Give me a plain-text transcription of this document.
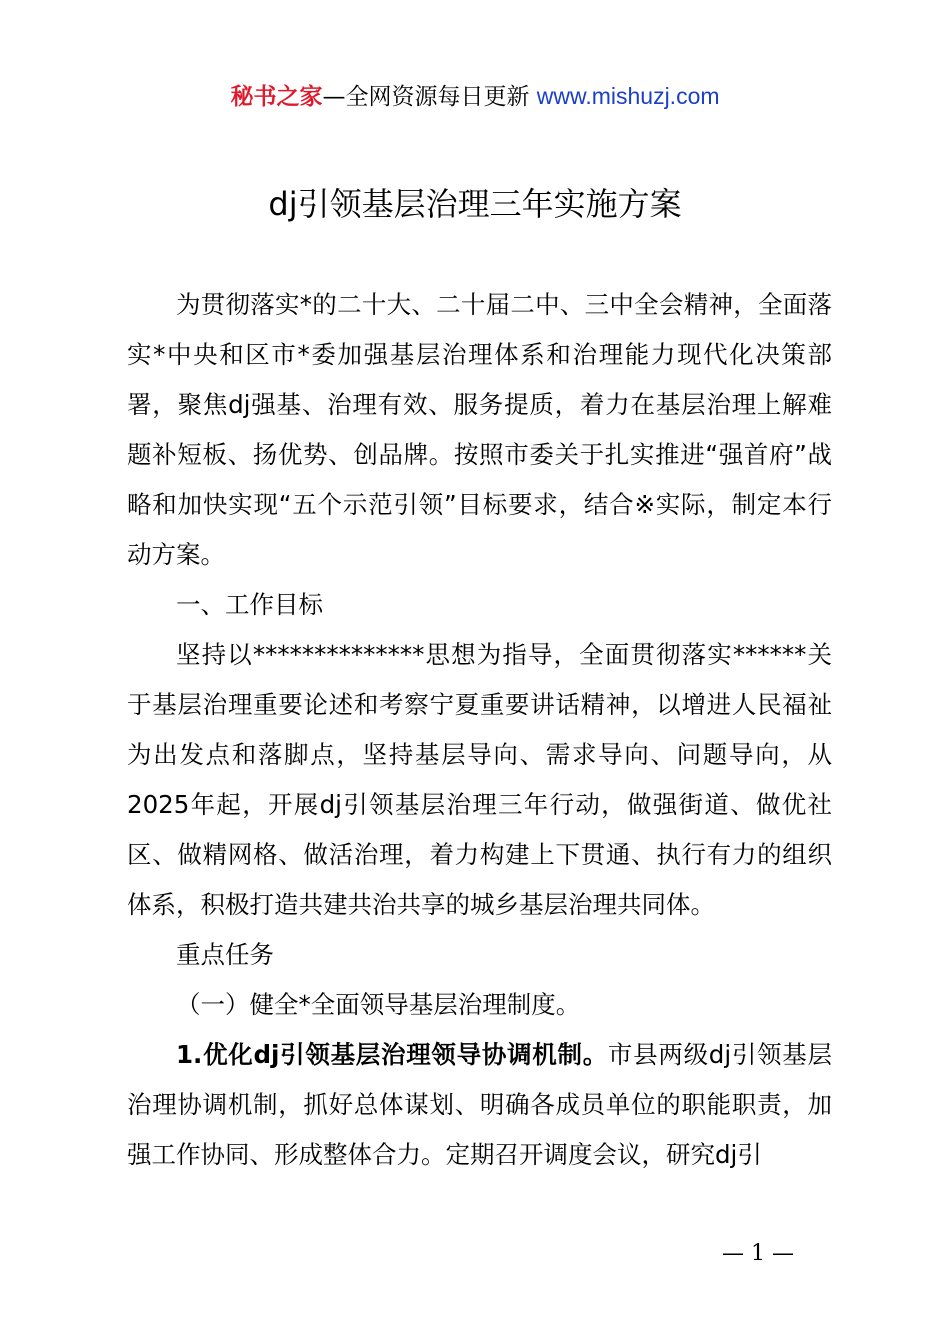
秘书之家—全网资源每日更新 www.mishuzj.com
dj引领基层治理三年实施方案

为贯彻落实*的二十大、二十届二中、三中全会精神，全面落实*中央和区市*委加强基层治理体系和治理能力现代化决策部署，聚焦dj强基、治理有效、服务提质，着力在基层治理上解难题补短板、扬优势、创品牌。按照市委关于扎实推进“强首府”战略和加快实现“五个示范引领”目标要求，结合※实际，制定本行动方案。

一、工作目标

坚持以**************思想为指导，全面贯彻落实******关于基层治理重要论述和考察宁夏重要讲话精神，以增进人民福祉为出发点和落脚点，坚持基层导向、需求导向、问题导向，从2025年起，开展dj引领基层治理三年行动，做强街道、做优社区、做精网格、做活治理，着力构建上下贯通、执行有力的组织体系，积极打造共建共治共享的城乡基层治理共同体。

重点任务

（一）健全*全面领导基层治理制度。

1.优化dj引领基层治理领导协调机制。市县两级dj引领基层治理协调机制，抓好总体谋划、明确各成员单位的职能职责，加强工作协同、形成整体合力。定期召开调度会议，研究dj引

— 1 —
